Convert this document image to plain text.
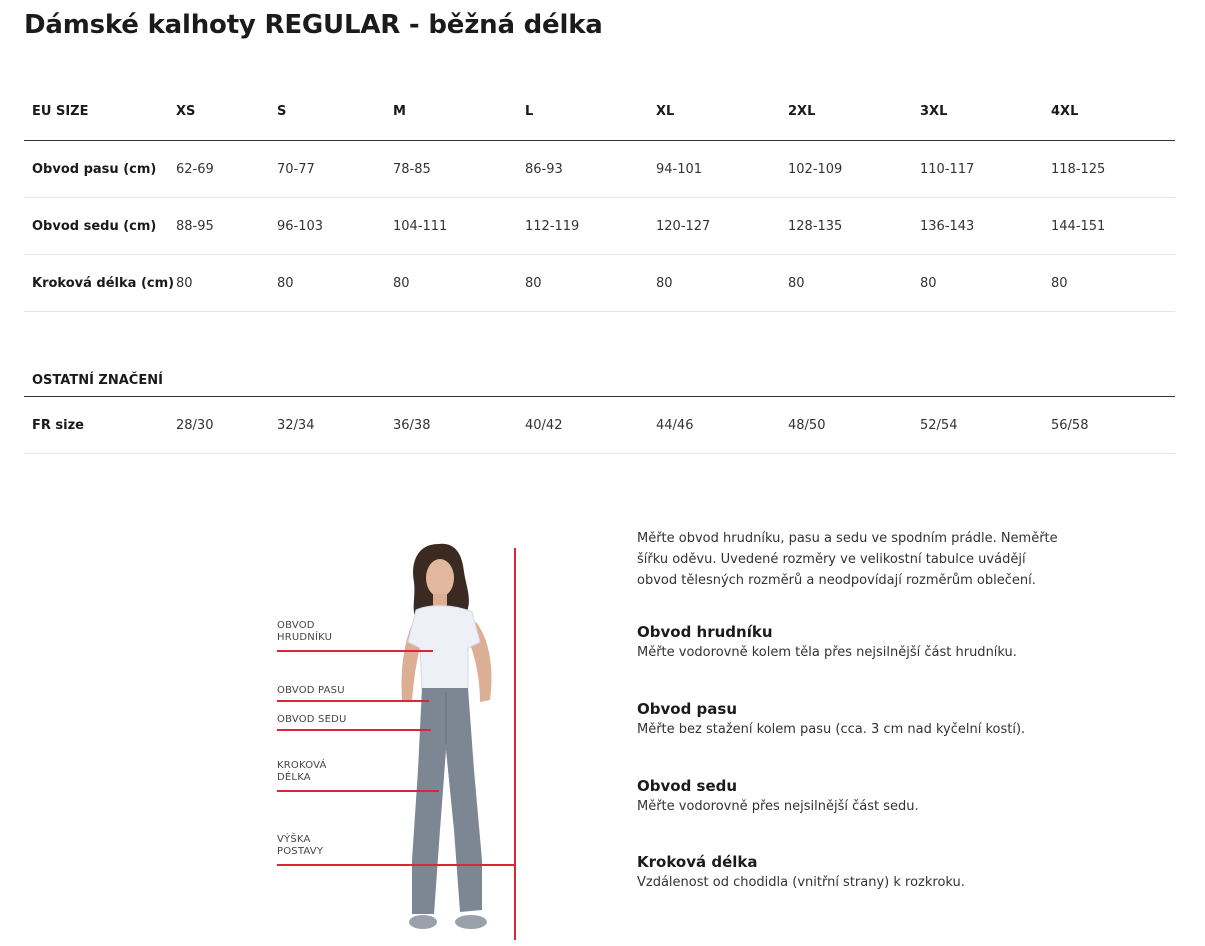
Dámské kalhoty REGULAR - běžná délka
EU SIZE	XS	S	M	L	XL	2XL	3XL	4XL
Obvod pasu (cm) 62-69	70-77	78-85	86-93	94-101	102-109	110-117	118-125
Obvod sedu (cm) 88-95	96-103	104-111	112-119	120-127	128-135	136-143	144-151
Kroková délka (cm) 80	80	80	80	80	80	80	80
OSTATNÍ ZNAČENÍ
FR size	28/30	32/34	36/38	40/42	44/46	48/50	52/54	56/58
OBVOD
HRUDNÍKU
OBVOD PASU
OBVOD SEDU
KROKOVÁ
DÉLKA
VÝŠKA
POSTAVY

Měřte obvod hrudníku, pasu a sedu ve spodním prádle. Neměřte šířku oděvu. Uvedené rozměry ve velikostní tabulce uvádějí obvod tělesných rozměrů a neodpovídají rozměrům oblečení.

Obvod hrudníku

Měřte vodorovně kolem těla přes nejsilnější část hrudníku.

Obvod pasu

Měřte bez stažení kolem pasu (cca. 3 cm nad kyčelní kostí).

Obvod sedu

Měřte vodorovně přes nejsilnější část sedu.

Kroková délka

Vzdálenost od chodidla (vnitřní strany) k rozkroku.
